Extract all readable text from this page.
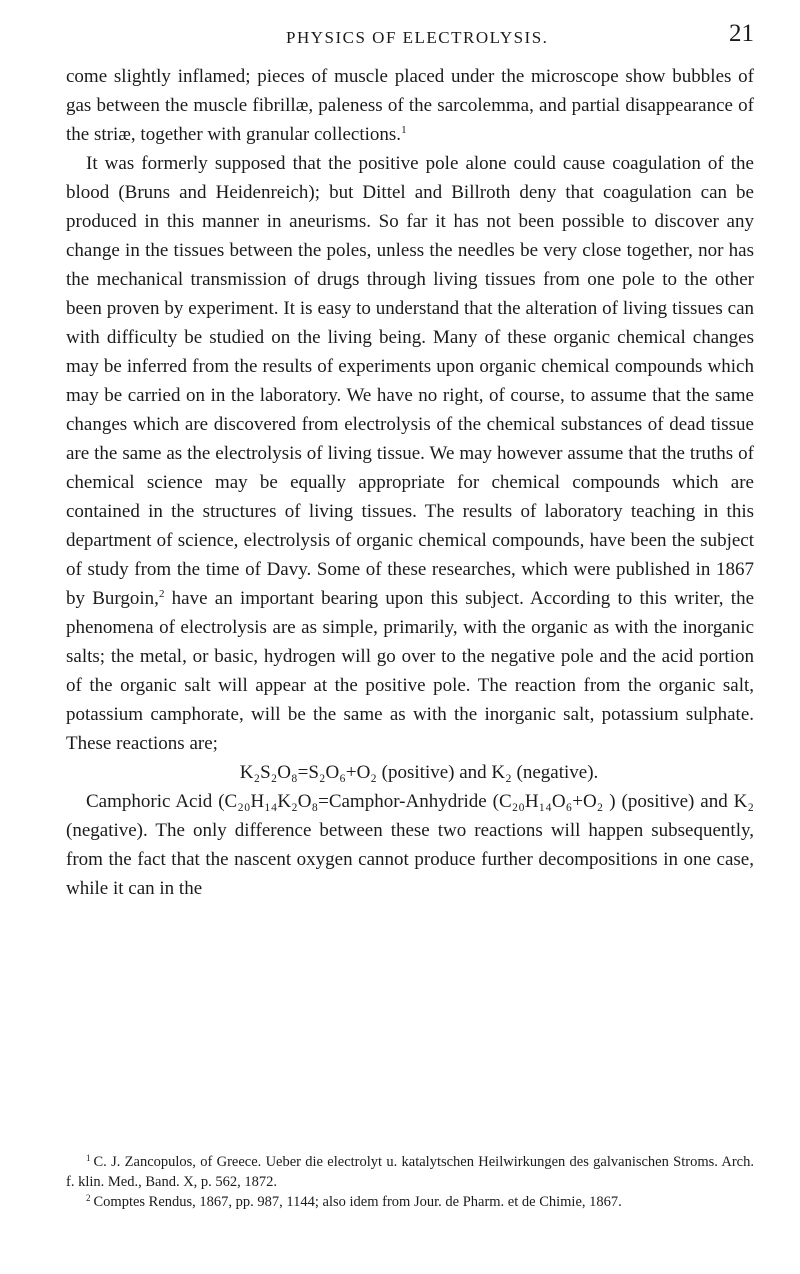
PHYSICS OF ELECTROLYSIS.	21

come slightly inflamed; pieces of muscle placed under the microscope show bubbles of gas between the muscle fibrillæ, paleness of the sarcolemma, and partial disappearance of the striæ, together with granular collections.$^1$

It was formerly supposed that the positive pole alone could cause coagulation of the blood (Bruns and Heidenreich); but Dittel and Billroth deny that coagulation can be produced in this manner in aneurisms. So far it has not been possible to discover any change in the tissues between the poles, unless the needles be very close together, nor has the mechanical transmission of drugs through living tissues from one pole to the other been proven by experiment. It is easy to understand that the alteration of living tissues can with difficulty be studied on the living being. Many of these organic chemical changes may be inferred from the results of experiments upon organic chemical compounds which may be carried on in the laboratory. We have no right, of course, to assume that the same changes which are discovered from electrolysis of the chemical substances of dead tissue are the same as the electrolysis of living tissue. We may however assume that the truths of chemical science may be equally appropriate for chemical compounds which are contained in the structures of living tissues. The results of laboratory teaching in this department of science, electrolysis of organic chemical compounds, have been the subject of study from the time of Davy. Some of these researches, which were published in 1867 by Burgoin,$^2$ have an important bearing upon this subject. According to this writer, the phenomena of electrolysis are as simple, primarily, with the organic as with the inorganic salts; the metal, or basic, hydrogen will go over to the negative pole and the acid portion of the organic salt will appear at the positive pole. The reaction from the organic salt, potassium camphorate, will be the same as with the inorganic salt, potassium sulphate. These reactions are;

K₂S₂O₈=S₂O₆+O₂ (positive) and K₂ (negative).

Camphoric Acid (C₂₀H₁₄K₂O₈=Camphor-Anhydride (C₂₀H₁₄O₆+O₂ ) (positive) and K₂ (negative). The only difference between these two reactions will happen subsequently, from the fact that the nascent oxygen cannot produce further decompositions in one case, while it can in the

$^1$ C. J. Zancopulos, of Greece. Ueber die electrolyt u. katalytschen Heilwirkungen des galvanischen Stroms. Arch. f. klin. Med., Band. X, p. 562, 1872.

$^2$ Comptes Rendus, 1867, pp. 987, 1144; also idem from Jour. de Pharm. et de Chimie, 1867.
